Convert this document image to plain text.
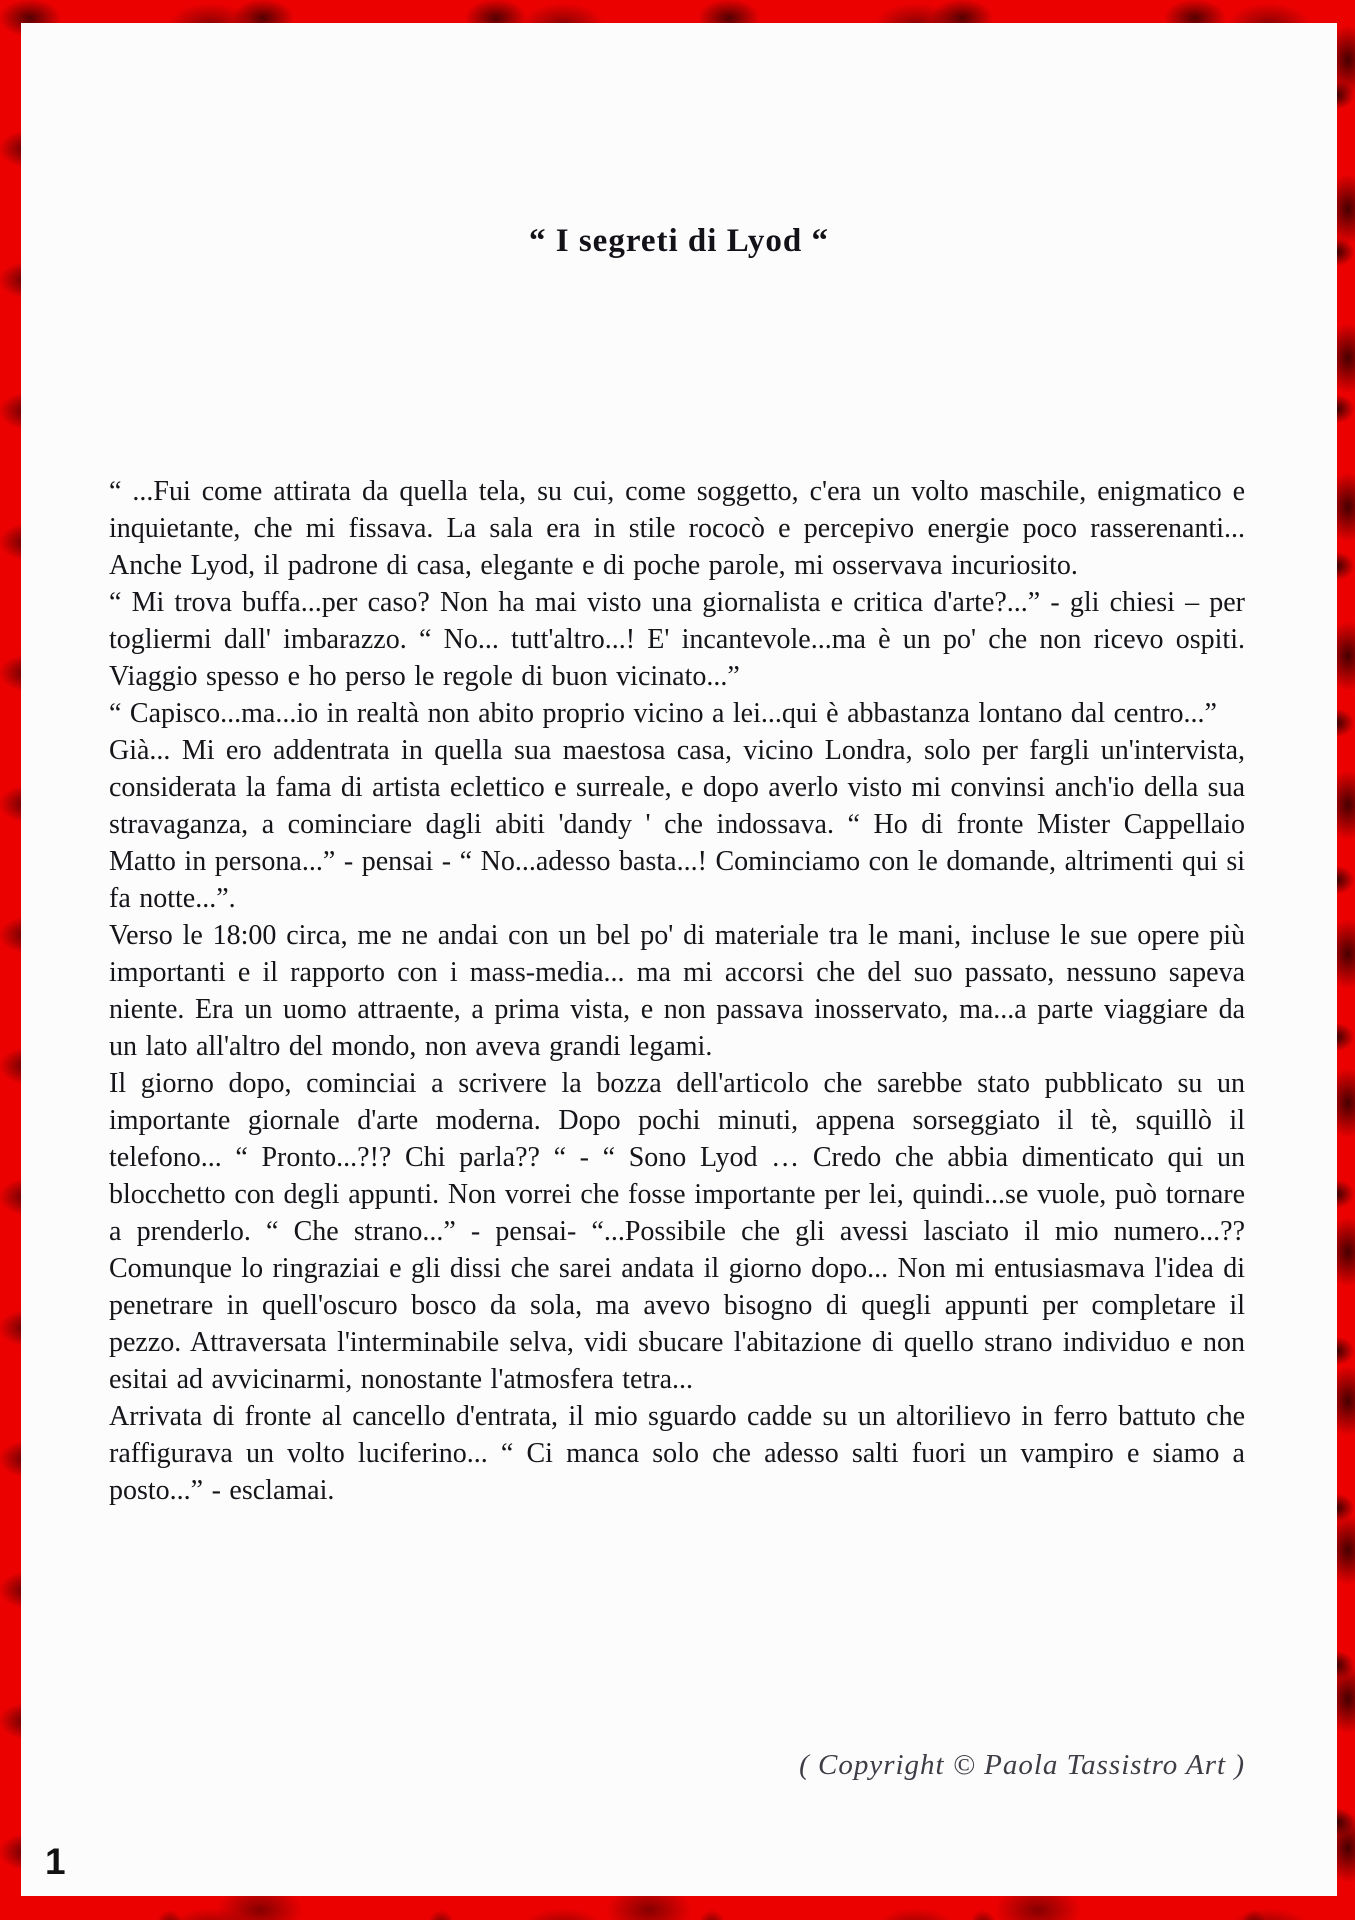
“ I segreti di Lyod “

“ ...Fui come attirata da quella tela, su cui, come soggetto, c'era un volto maschile, enigmatico e inquietante, che mi fissava. La sala era in stile rococò e percepivo energie poco rasserenanti... Anche Lyod, il padrone di casa, elegante e di poche parole, mi osservava incuriosito.

“ Mi trova buffa...per caso? Non ha mai visto una giornalista e critica d'arte?...” - gli chiesi – per togliermi dall' imbarazzo. “ No... tutt'altro...! E' incantevole...ma è un po' che non ricevo ospiti. Viaggio spesso e ho perso le regole di buon vicinato...”

“ Capisco...ma...io in realtà non abito proprio vicino a lei...qui è abbastanza lontano dal centro...”

Già... Mi ero addentrata in quella sua maestosa casa, vicino Londra, solo per fargli un'intervista, considerata la fama di artista eclettico e surreale, e dopo averlo visto mi convinsi anch'io della sua stravaganza, a cominciare dagli abiti 'dandy ' che indossava. “ Ho di fronte Mister Cappellaio Matto in persona...” - pensai - “ No...adesso basta...! Cominciamo con le domande, altrimenti qui si fa notte...”.

Verso le 18:00 circa, me ne andai con un bel po' di materiale tra le mani, incluse le sue opere più importanti e il rapporto con i mass-media... ma mi accorsi che del suo passato, nessuno sapeva niente. Era un uomo attraente, a prima vista, e non passava inosservato, ma...a parte viaggiare da un lato all'altro del mondo, non aveva grandi legami.

Il giorno dopo, cominciai a scrivere la bozza dell'articolo che sarebbe stato pubblicato su un importante giornale d'arte moderna. Dopo pochi minuti, appena sorseggiato il tè, squillò il telefono... “ Pronto...?!? Chi parla?? “ - “ Sono Lyod … Credo che abbia dimenticato qui un blocchetto con degli appunti. Non vorrei che fosse importante per lei, quindi...se vuole, può tornare a prenderlo. “ Che strano...” - pensai- “...Possibile che gli avessi lasciato il mio numero...?? Comunque lo ringraziai e gli dissi che sarei andata il giorno dopo... Non mi entusiasmava l'idea di penetrare in quell'oscuro bosco da sola, ma avevo bisogno di quegli appunti per completare il pezzo. Attraversata l'interminabile selva, vidi sbucare l'abitazione di quello strano individuo e non esitai ad avvicinarmi, nonostante l'atmosfera tetra...

Arrivata di fronte al cancello d'entrata, il mio sguardo cadde su un altorilievo in ferro battuto che raffigurava un volto luciferino... “ Ci manca solo che adesso salti fuori un vampiro e siamo a posto...” - esclamai.

( Copyright © Paola Tassistro Art )
1
